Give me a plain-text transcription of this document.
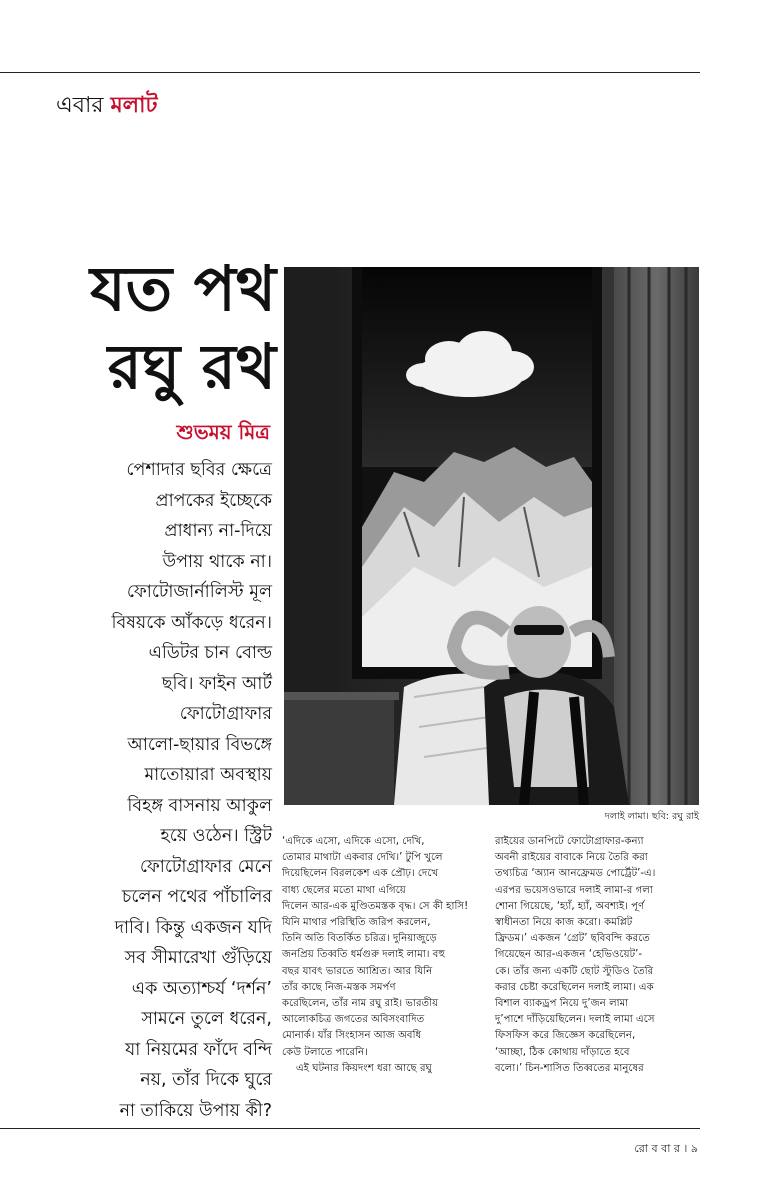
এবার মলাট
যত পথ
রঘু রথ
শুভময় মিত্র
পেশাদার ছবির ক্ষেত্রে
প্রাপকের ইচ্ছেকে
প্রাধান্য না-দিয়ে
উপায় থাকে না।
ফোটোজার্নালিস্ট মূল
বিষয়কে আঁকড়ে ধরেন।
এডিটর চান বোল্ড
ছবি। ফাইন আর্ট
ফোটোগ্রাফার
আলো-ছায়ার বিভঙ্গে
মাতোয়ারা অবস্থায়
বিহঙ্গ বাসনায় আকুল
হয়ে ওঠেন। স্ট্রিট
ফোটোগ্রাফার মেনে
চলেন পথের পাঁচালির
দাবি। কিন্তু একজন যদি
সব সীমারেখা গুঁড়িয়ে
এক অত্যাশ্চর্য ‘দর্শন’
সামনে তুলে ধরেন,
যা নিয়মের ফাঁদে বন্দি
নয়, তাঁর দিকে ঘুরে
না তাকিয়ে উপায় কী?
দলাই লামা। ছবি: রঘু রাই
‘এদিকে এসো, এদিকে এসো, দেখি,
তোমার মাথাটা একবার দেখি।’ টুপি খুলে
দিয়েছিলেন বিরলকেশ এক প্রৌঢ়। দেখে
বাধ্য ছেলের মতো মাথা এগিয়ে
দিলেন আর-এক মুণ্ডিতমস্তক বৃদ্ধ। সে কী হাসি!
যিনি মাথার পরিস্থিতি জরিপ করলেন,
তিনি অতি বিতর্কিত চরিত্র। দুনিয়াজুড়ে
জনপ্রিয় তিব্বতি ধর্মগুরু দলাই লামা। বহু
বছর যাবৎ ভারতে আশ্রিত। আর যিনি
তাঁর কাছে নিজ-মস্তক সমর্পণ
করেছিলেন, তাঁর নাম রঘু রাই। ভারতীয়
আলোকচিত্র জগতের অবিসংবাদিত
মোনার্ক। যাঁর সিংহাসন আজ অবধি
কেউ টলাতে পারেনি।
এই ঘটনার কিয়দংশ ধরা আছে রঘু
রাইয়ের ডানপিটে ফোটোগ্রাফার-কন্যা
অবনী রাইয়ের বাবাকে নিয়ে তৈরি করা
তথ্যচিত্র ‘অ্যান আনফ্রেমড পোর্ট্রেট’-এ।
এরপর ভয়েসওভারে দলাই লামা-র গলা
শোনা গিয়েছে, ‘হ্যাঁ, হ্যাঁ, অবশ্যই। পূর্ণ
স্বাধীনতা নিয়ে কাজ করো। কমপ্লিট
ফ্রিডম।’ একজন ‘গ্রেট’ ছবিবন্দি করতে
গিয়েছেন আর-একজন ‘হেভিওয়েট’-
কে। তাঁর জন্য একটি ছোট স্টুডিও তৈরি
করার চেষ্টা করেছিলেন দলাই লামা। এক
বিশাল ব্যাকড্রপ নিয়ে দু’জন লামা
দু’পাশে দাঁড়িয়েছিলেন। দলাই লামা এসে
ফিসফিস করে জিজ্ঞেস করেছিলেন,
‘আচ্ছা, ঠিক কোথায় দাঁড়াতে হবে
বলো।’ চিন-শাসিত তিব্বতের মানুষের
রো ব বা র । ৯
